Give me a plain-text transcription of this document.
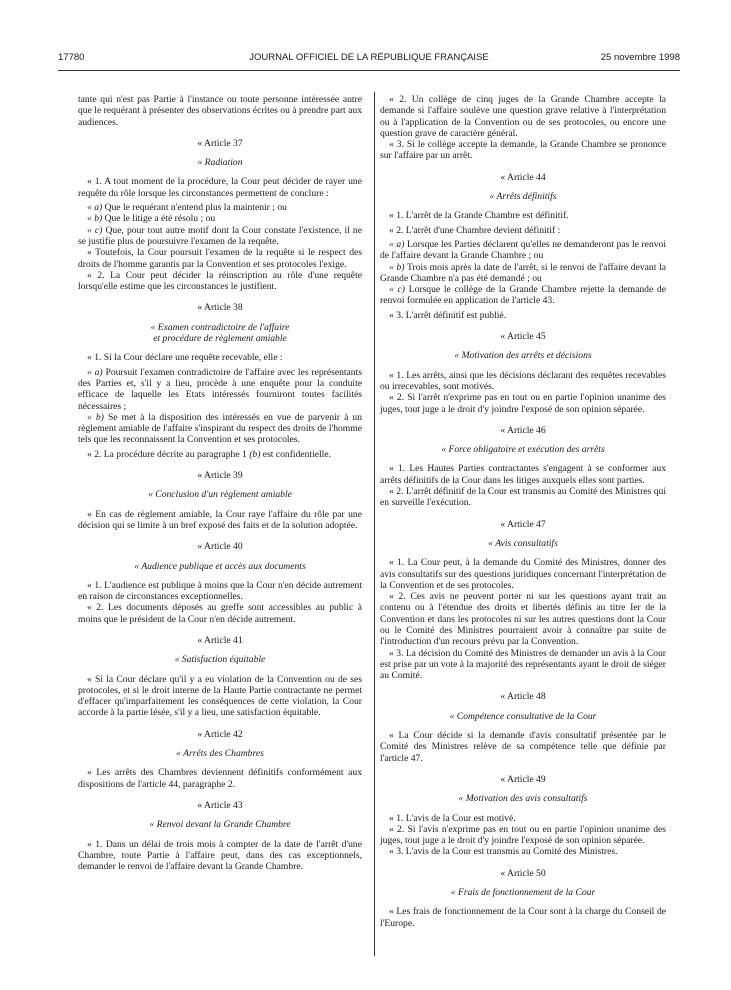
17780	JOURNAL OFFICIEL DE LA RÉPUBLIQUE FRANÇAISE	25 novembre 1998

tante qui n'est pas Partie à l'instance ou toute personne intéressée autre que le requérant à présenter des observations écrites ou à prendre part aux audiences.

« Article 37

« Radiation

« 1. A tout moment de la procédure, la Cour peut décider de rayer une requête du rôle lorsque les circonstances permettent de conclure :

« a) Que le requérant n'entend plus la maintenir ; ou

« b) Que le litige a été résolu ; ou

« c) Que, pour tout autre motif dont la Cour constate l'existence, il ne se justifie plus de poursuivre l'examen de la requête.

« Toutefois, la Cour poursuit l'examen de la requête si le respect des droits de l'homme garantis par la Convention et ses protocoles l'exige.

« 2. La Cour peut décider la réinscription au rôle d'une requête lorsqu'elle estime que les circonstances le justifient.

« Article 38

« Examen contradictoire de l'affaire
et procédure de règlement amiable

« 1. Si la Cour déclare une requête recevable, elle :

« a) Poursuit l'examen contradictoire de l'affaire avec les représentants des Parties et, s'il y a lieu, procède à une enquête pour la conduite efficace de laquelle les Etats intéressés fourniront toutes facilités nécessaires ;

« b) Se met à la disposition des intéressés en vue de parvenir à un règlement amiable de l'affaire s'inspirant du respect des droits de l'homme tels que les reconnaissent la Convention et ses protocoles.

« 2. La procédure décrite au paragraphe 1 (b) est confidentielle.

« Article 39

« Conclusion d'un règlement amiable

« En cas de règlement amiable, la Cour raye l'affaire du rôle par une décision qui se limite à un bref exposé des faits et de la solution adoptée.

« Article 40

« Audience publique et accès aux documents

« 1. L'audience est publique à moins que la Cour n'en décide autrement en raison de circonstances exceptionnelles.

« 2. Les documents déposés au greffe sont accessibles au public à moins que le président de la Cour n'en décide autrement.

« Article 41

« Satisfaction équitable

« Si la Cour déclare qu'il y a eu violation de la Convention ou de ses protocoles, et si le droit interne de la Haute Partie contractante ne permet d'effacer qu'imparfaitement les conséquences de cette violation, la Cour accorde à la partie lésée, s'il y a lieu, une satisfaction équitable.

« Article 42

« Arrêts des Chambres

« Les arrêts des Chambres deviennent définitifs conformément aux dispositions de l'article 44, paragraphe 2.

« Article 43

« Renvoi devant la Grande Chambre

« 1. Dans un délai de trois mois à compter de la date de l'arrêt d'une Chambre, toute Partie à l'affaire peut, dans des cas exceptionnels, demander le renvoi de l'affaire devant la Grande Chambre.

« 2. Un collège de cinq juges de la Grande Chambre accepte la demande si l'affaire soulève une question grave relative à l'interprétation ou à l'application de la Convention ou de ses protocoles, ou encore une question grave de caractère général.

« 3. Si le collège accepte la demande, la Grande Chambre se prononce sur l'affaire par un arrêt.

« Article 44

« Arrêts définitifs

« 1. L'arrêt de la Grande Chambre est définitif.

« 2. L'arrêt d'une Chambre devient définitif :

« a) Lorsque les Parties déclarent qu'elles ne demanderont pas le renvoi de l'affaire devant la Grande Chambre ; ou

« b) Trois mois après la date de l'arrêt, si le renvoi de l'affaire devant la Grande Chambre n'a pas été demandé ; ou

« c) Lorsque le collège de la Grande Chambre rejette la demande de renvoi formulée en application de l'article 43.

« 3. L'arrêt définitif est publié.

« Article 45

« Motivation des arrêts et décisions

« 1. Les arrêts, ainsi que les décisions déclarant des requêtes recevables ou irrecevables, sont motivés.

« 2. Si l'arrêt n'exprime pas en tout ou en partie l'opinion unanime des juges, tout juge a le droit d'y joindre l'exposé de son opinion séparée.

« Article 46

« Force obligatoire et exécution des arrêts

« 1. Les Hautes Parties contractantes s'engagent à se conformer aux arrêts définitifs de la Cour dans les litiges auxquels elles sont parties.

« 2. L'arrêt définitif de la Cour est transmis au Comité des Ministres qui en surveille l'exécution.

« Article 47

« Avis consultatifs

« 1. La Cour peut, à la demande du Comité des Ministres, donner des avis consultatifs sur des questions juridiques concernant l'interprétation de la Convention et de ses protocoles.

« 2. Ces avis ne peuvent porter ni sur les questions ayant trait au contenu ou à l'étendue des droits et libertés définis au titre Ier de la Convention et dans les protocoles ni sur les autres questions dont la Cour ou le Comité des Ministres pourraient avoir à connaître par suite de l'introduction d'un recours prévu par la Convention.

« 3. La décision du Comité des Ministres de demander un avis à la Cour est prise par un vote à la majorité des représentants ayant le droit de siéger au Comité.

« Article 48

« Compétence consultative de la Cour

« La Cour décide si la demande d'avis consultatif présentée par le Comité des Ministres relève de sa compétence telle que définie par l'article 47.

« Article 49

« Motivation des avis consultatifs

« 1. L'avis de la Cour est motivé.

« 2. Si l'avis n'exprime pas en tout ou en partie l'opinion unanime des juges, tout juge a le droit d'y joindre l'exposé de son opinion séparée.

« 3. L'avis de la Cour est transmis au Comité des Ministres.

« Article 50

« Frais de fonctionnement de la Cour

« Les frais de fonctionnement de la Cour sont à la charge du Conseil de l'Europe.
